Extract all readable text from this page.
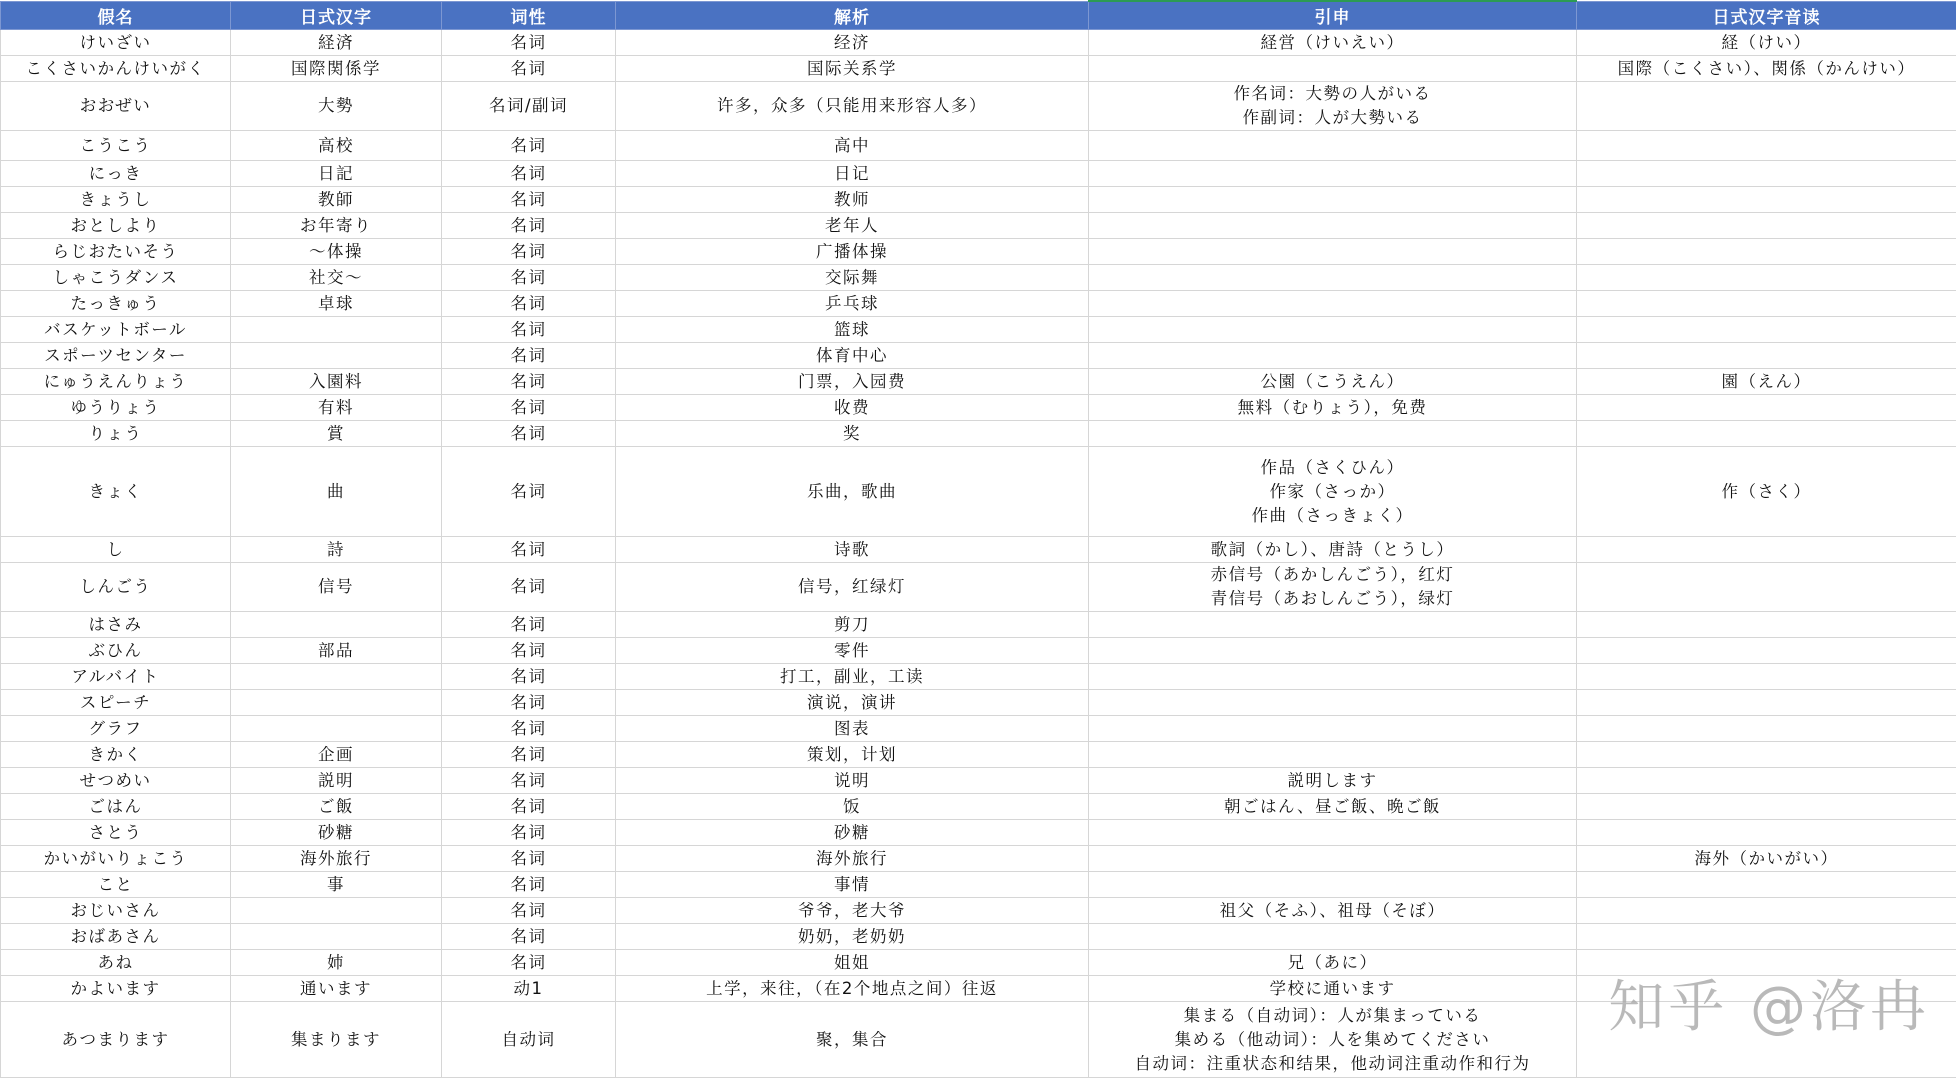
假名	日式汉字	词性	解析	引申	日式汉字音读

けいざい	経済	名词	经济	経営（けいえい）	経（けい）

こくさいかんけいがく	国際関係学	名词	国际关系学		国際（こくさい）、関係（かんけい）

おおぜい	大勢	名词/副词	许多，众多（只能用来形容人多）	作名词：大勢の人がいる
作副词：人が大勢いる	

こうこう	高校	名词	高中		

にっき	日記	名词	日记		

きょうし	教師	名词	教师		

おとしより	お年寄り	名词	老年人		

らじおたいそう	～体操	名词	广播体操		

しゃこうダンス	社交～	名词	交际舞		

たっきゅう	卓球	名词	乒乓球		

バスケットボール		名词	篮球		

スポーツセンター		名词	体育中心		

にゅうえんりょう	入園料	名词	门票，入园费	公園（こうえん）	園（えん）

ゆうりょう	有料	名词	收费	無料（むりょう），免费	

りょう	賞	名词	奖		

きょく	曲	名词	乐曲，歌曲	作品（さくひん）
作家（さっか）
作曲（さっきょく）	作（さく）

し	詩	名词	诗歌	歌詞（かし）、唐詩（とうし）	

しんごう	信号	名词	信号，红绿灯	赤信号（あかしんごう），红灯
青信号（あおしんごう），绿灯	

はさみ		名词	剪刀		

ぶひん	部品	名词	零件		

アルバイト		名词	打工，副业，工读		

スピーチ		名词	演说，演讲		

グラフ		名词	图表		

きかく	企画	名词	策划，计划		

せつめい	説明	名词	说明	説明します	

ごはん	ご飯	名词	饭	朝ごはん、昼ご飯、晩ご飯	

さとう	砂糖	名词	砂糖		

かいがいりょこう	海外旅行	名词	海外旅行		海外（かいがい）

こと	事	名词	事情		

おじいさん		名词	爷爷，老大爷	祖父（そふ）、祖母（そぼ）	

おばあさん		名词	奶奶，老奶奶		

あね	姉	名词	姐姐	兄（あに）	

かよいます	通います	动1	上学，来往，（在2个地点之间）往返	学校に通います	

あつまります	集まります	自动词	聚，集合	集まる（自动词）：人が集まっている
集める（他动词）：人を集めてください
自动词：注重状态和结果，他动词注重动作和行为	

知乎 @洛冉
